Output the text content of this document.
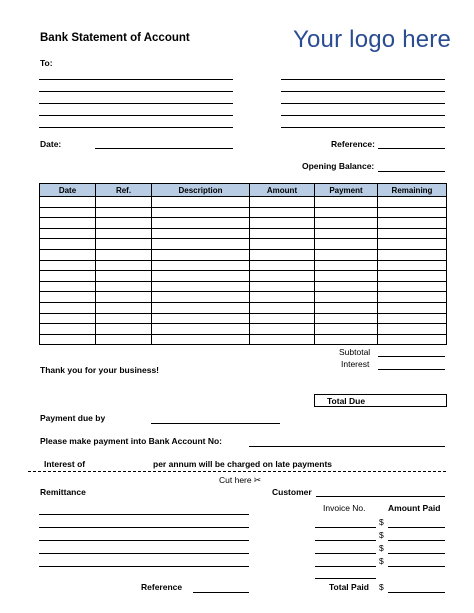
Bank Statement of Account	Your logo here
To:
Date:	Reference:
Opening Balance:
Date	Ref.	Description	Amount	Payment	Remaining

Subtotal
Interest
Thank you for your business!
Total Due
Payment due by
Please make payment into Bank Account No:
Interest of	per annum will be charged on late payments
Cut here ✂
Remittance	Customer
Invoice No.	Amount Paid
$
$
$
$
Reference	Total Paid $
